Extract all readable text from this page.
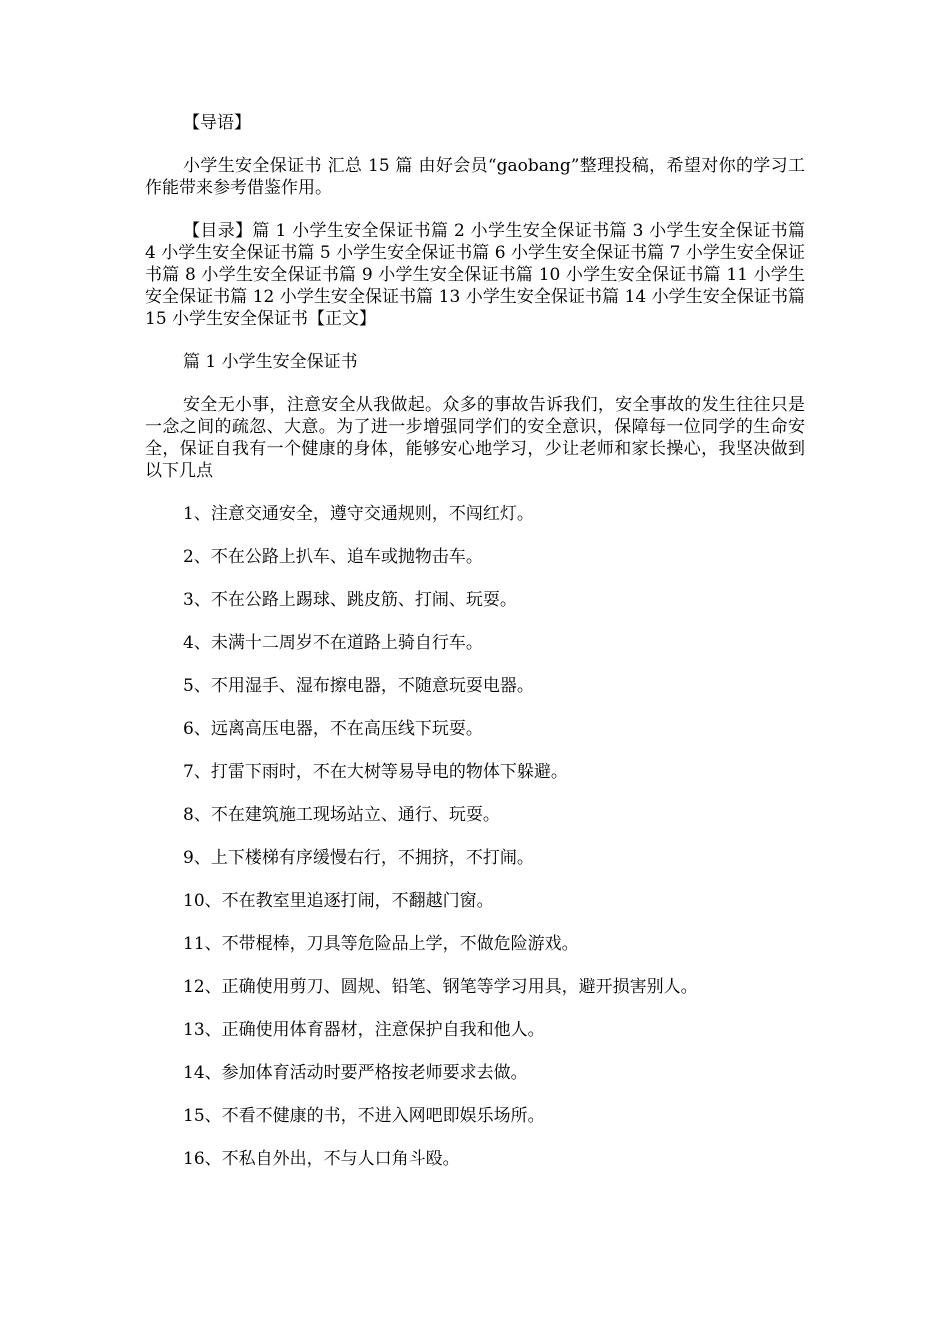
【导语】

小学生安全保证书 汇总 15 篇 由好会员“gaobang”整理投稿，希望对你的学习工作能带来参考借鉴作用。

【目录】篇 1 小学生安全保证书篇 2 小学生安全保证书篇 3 小学生安全保证书篇 4 小学生安全保证书篇 5 小学生安全保证书篇 6 小学生安全保证书篇 7 小学生安全保证书篇 8 小学生安全保证书篇 9 小学生安全保证书篇 10 小学生安全保证书篇 11 小学生安全保证书篇 12 小学生安全保证书篇 13 小学生安全保证书篇 14 小学生安全保证书篇 15 小学生安全保证书【正文】

篇 1 小学生安全保证书

安全无小事，注意安全从我做起。众多的事故告诉我们，安全事故的发生往往只是一念之间的疏忽、大意。为了进一步增强同学们的安全意识，保障每一位同学的生命安全，保证自我有一个健康的身体，能够安心地学习，少让老师和家长操心，我坚决做到以下几点

1、注意交通安全，遵守交通规则，不闯红灯。

2、不在公路上扒车、追车或抛物击车。

3、不在公路上踢球、跳皮筋、打闹、玩耍。

4、未满十二周岁不在道路上骑自行车。

5、不用湿手、湿布擦电器，不随意玩耍电器。

6、远离高压电器，不在高压线下玩耍。

7、打雷下雨时，不在大树等易导电的物体下躲避。

8、不在建筑施工现场站立、通行、玩耍。

9、上下楼梯有序缓慢右行，不拥挤，不打闹。

10、不在教室里追逐打闹，不翻越门窗。

11、不带棍棒，刀具等危险品上学，不做危险游戏。

12、正确使用剪刀、圆规、铅笔、钢笔等学习用具，避开损害别人。

13、正确使用体育器材，注意保护自我和他人。

14、参加体育活动时要严格按老师要求去做。

15、不看不健康的书，不进入网吧即娱乐场所。

16、不私自外出，不与人口角斗殴。
